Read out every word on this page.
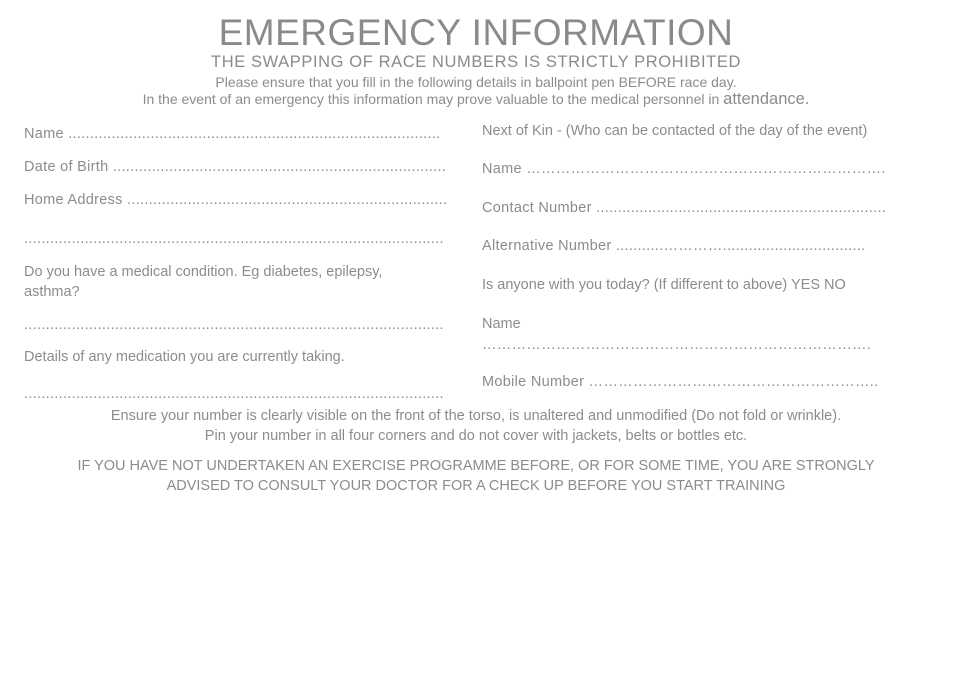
EMERGENCY INFORMATION
THE SWAPPING OF RACE NUMBERS IS STRICTLY PROHIBITED
Please ensure that you fill in the following details in ballpoint pen BEFORE race day.
In the event of an emergency this information may prove valuable to the medical personnel in attendance.
Name ......................................................................................
Date of Birth .............................................................................
Home Address ..........................................................................
.................................................................................................
Do you have a medical condition. Eg diabetes, epilepsy,
asthma?
.................................................................................................
Details of any medication you are currently taking.
.................................................................................................
Next of Kin - (Who can be contacted of the day of the event)
Name ……………………………………………………………….
Contact Number ...................................................................
Alternative Number ...........………….................................
Is anyone with you today? (If different to above) YES NO
Name
…………………………………………………………………….
Mobile Number …………………………………………………..
Ensure your number is clearly visible on the front of the torso, is unaltered and unmodified (Do not fold or wrinkle).
Pin your number in all four corners and do not cover with jackets, belts or bottles etc.
IF YOU HAVE NOT UNDERTAKEN AN EXERCISE PROGRAMME BEFORE, OR FOR SOME TIME, YOU ARE STRONGLY
ADVISED TO CONSULT YOUR DOCTOR FOR A CHECK UP BEFORE YOU START TRAINING
